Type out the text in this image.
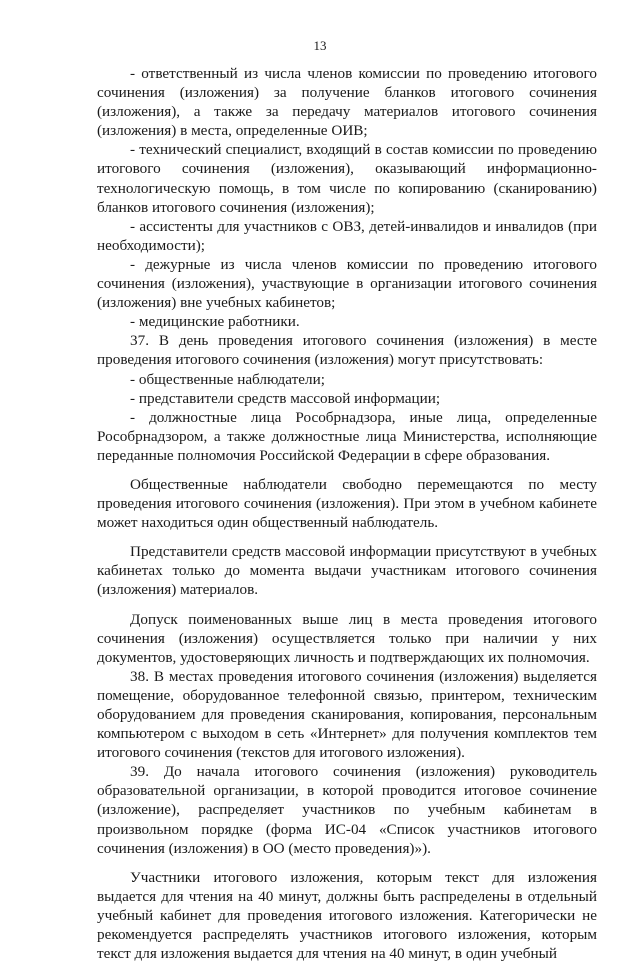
13

- ответственный из числа членов комиссии по проведению итогового сочинения (изложения) за получение бланков итогового сочинения (изложения), а также за передачу материалов итогового сочинения (изложения) в места, определенные ОИВ;

- технический специалист, входящий в состав комиссии по проведению итогового сочинения (изложения), оказывающий информационно-технологическую помощь, в том числе по копированию (сканированию) бланков итогового сочинения (изложения);

- ассистенты для участников с ОВЗ, детей-инвалидов и инвалидов (при необходимости);

- дежурные из числа членов комиссии по проведению итогового сочинения (изложения), участвующие в организации итогового сочинения (изложения) вне учебных кабинетов;

- медицинские работники.

37. В день проведения итогового сочинения (изложения) в месте проведения итогового сочинения (изложения) могут присутствовать:

- общественные наблюдатели;

- представители средств массовой информации;

- должностные лица Рособрнадзора, иные лица, определенные Рособрнадзором, а также должностные лица Министерства, исполняющие переданные полномочия Российской Федерации в сфере образования.

Общественные наблюдатели свободно перемещаются по месту проведения итогового сочинения (изложения). При этом в учебном кабинете может находиться один общественный наблюдатель.

Представители средств массовой информации присутствуют в учебных кабинетах только до момента выдачи участникам итогового сочинения (изложения) материалов.

Допуск поименованных выше лиц в места проведения итогового сочинения (изложения) осуществляется только при наличии у них документов, удостоверяющих личность и подтверждающих их полномочия.

38. В местах проведения итогового сочинения (изложения) выделяется помещение, оборудованное телефонной связью, принтером, техническим оборудованием для проведения сканирования, копирования, персональным компьютером с выходом в сеть «Интернет» для получения комплектов тем итогового сочинения (текстов для итогового изложения).

39. До начала итогового сочинения (изложения) руководитель образовательной организации, в которой проводится итоговое сочинение (изложение), распределяет участников по учебным кабинетам в произвольном порядке (форма ИС-04 «Список участников итогового сочинения (изложения) в ОО (место проведения)»).

Участники итогового изложения, которым текст для изложения выдается для чтения на 40 минут, должны быть распределены в отдельный учебный кабинет для проведения итогового изложения. Категорически не рекомендуется распределять участников итогового изложения, которым текст для изложения выдается для чтения на 40 минут, в один учебный
